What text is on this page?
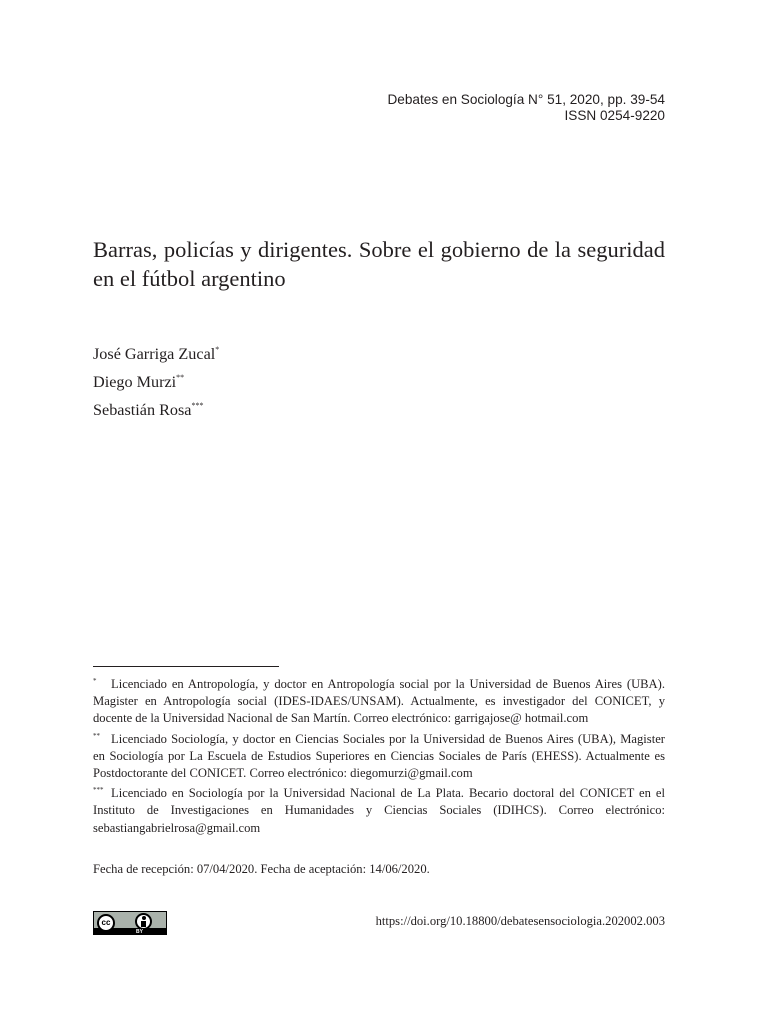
Debates en Sociología N° 51, 2020, pp. 39-54
ISSN 0254-9220
Barras, policías y dirigentes. Sobre el gobierno de la seguridad en el fútbol argentino
José Garriga Zucal*
Diego Murzi**
Sebastián Rosa***

* Licenciado en Antropología, y doctor en Antropología social por la Universidad de Buenos Aires (UBA). Magister en Antropología social (IDES-IDAES/UNSAM). Actualmente, es investigador del CONICET, y docente de la Universidad Nacional de San Martín. Correo electrónico: garrigajose@ hotmail.com

** Licenciado Sociología, y doctor en Ciencias Sociales por la Universidad de Buenos Aires (UBA), Magister en Sociología por La Escuela de Estudios Superiores en Ciencias Sociales de París (EHESS). Actualmente es Postdoctorante del CONICET. Correo electrónico: diegomurzi@gmail.com

*** Licenciado en Sociología por la Universidad Nacional de La Plata. Becario doctoral del CONICET en el Instituto de Investigaciones en Humanidades y Ciencias Sociales (IDIHCS). Correo electrónico: sebastiangabrielrosa@gmail.com

Fecha de recepción: 07/04/2020. Fecha de aceptación: 14/06/2020.
cc
BY
https://doi.org/10.18800/debatesensociologia.202002.003
